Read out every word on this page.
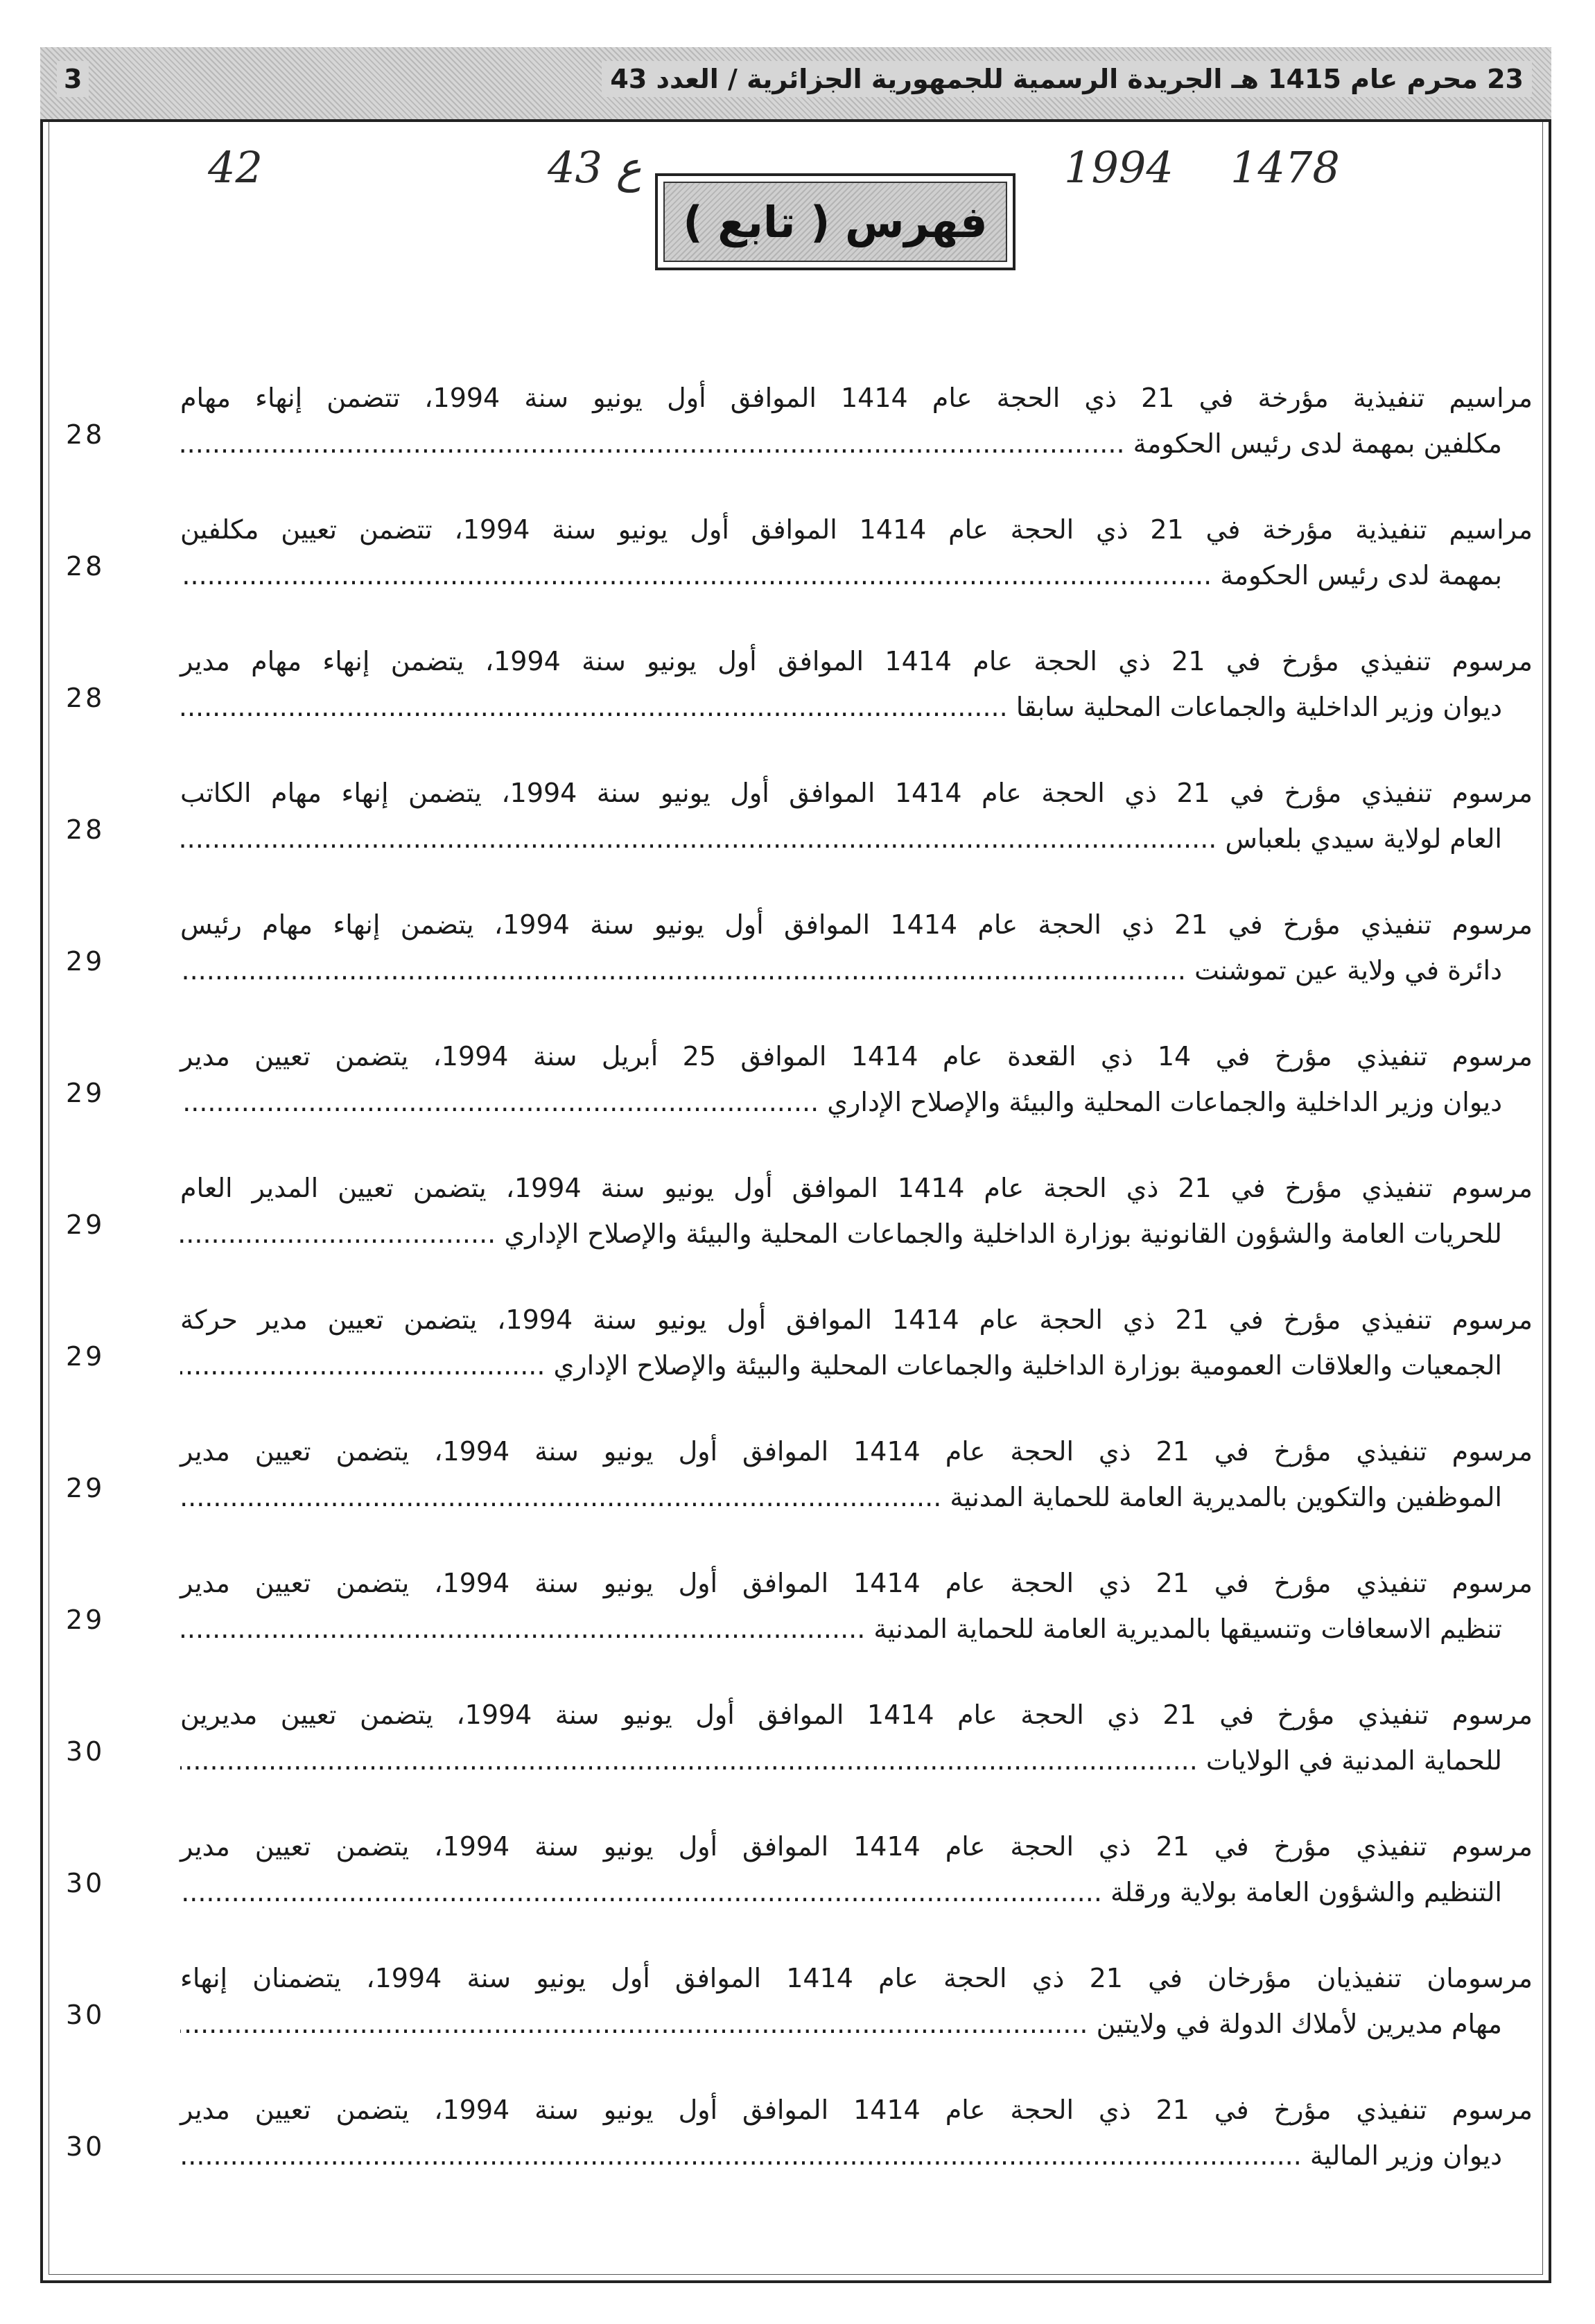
23 محرم عام 1415 هـ الجريدة الرسمية للجمهورية الجزائرية / العدد 43
3
1478
1994
43 ع
42
فهرس ( تابع )
مراسيم تنفيذية مؤرخة في 21 ذي الحجة عام 1414 الموافق أول يونيو سنة 1994، تتضمن إنهاء مهام
مكلفين بمهمة لدى رئيس الحكومة .....
28
مراسيم تنفيذية مؤرخة في 21 ذي الحجة عام 1414 الموافق أول يونيو سنة 1994، تتضمن تعيين مكلفين
بمهمة لدى رئيس الحكومة .....
28
مرسوم تنفيذي مؤرخ في 21 ذي الحجة عام 1414 الموافق أول يونيو سنة 1994، يتضمن إنهاء مهام مدير
ديوان وزير الداخلية والجماعات المحلية سابقا .....
28
مرسوم تنفيذي مؤرخ في 21 ذي الحجة عام 1414 الموافق أول يونيو سنة 1994، يتضمن إنهاء مهام الكاتب
العام لولاية سيدي بلعباس .....
28
مرسوم تنفيذي مؤرخ في 21 ذي الحجة عام 1414 الموافق أول يونيو سنة 1994، يتضمن إنهاء مهام رئيس
دائرة في ولاية عين تموشنت .....
29
مرسوم تنفيذي مؤرخ في 14 ذي القعدة عام 1414 الموافق 25 أبريل سنة 1994، يتضمن تعيين مدير
ديوان وزير الداخلية والجماعات المحلية والبيئة والإصلاح الإداري .....
29
مرسوم تنفيذي مؤرخ في 21 ذي الحجة عام 1414 الموافق أول يونيو سنة 1994، يتضمن تعيين المدير العام
للحريات العامة والشؤون القانونية بوزارة الداخلية والجماعات المحلية والبيئة والإصلاح الإداري .....
29
مرسوم تنفيذي مؤرخ في 21 ذي الحجة عام 1414 الموافق أول يونيو سنة 1994، يتضمن تعيين مدير حركة
الجمعيات والعلاقات العمومية بوزارة الداخلية والجماعات المحلية والبيئة والإصلاح الإداري .....
29
مرسوم تنفيذي مؤرخ في 21 ذي الحجة عام 1414 الموافق أول يونيو سنة 1994، يتضمن تعيين مدير
الموظفين والتكوين بالمديرية العامة للحماية المدنية .....
29
مرسوم تنفيذي مؤرخ في 21 ذي الحجة عام 1414 الموافق أول يونيو سنة 1994، يتضمن تعيين مدير
تنظيم الاسعافات وتنسيقها بالمديرية العامة للحماية المدنية .....
29
مرسوم تنفيذي مؤرخ في 21 ذي الحجة عام 1414 الموافق أول يونيو سنة 1994، يتضمن تعيين مديرين
للحماية المدنية في الولايات .....
30
مرسوم تنفيذي مؤرخ في 21 ذي الحجة عام 1414 الموافق أول يونيو سنة 1994، يتضمن تعيين مدير
التنظيم والشؤون العامة بولاية ورقلة .....
30
مرسومان تنفيذيان مؤرخان في 21 ذي الحجة عام 1414 الموافق أول يونيو سنة 1994، يتضمنان إنهاء
مهام مديرين لأملاك الدولة في ولايتين .....
30
مرسوم تنفيذي مؤرخ في 21 ذي الحجة عام 1414 الموافق أول يونيو سنة 1994، يتضمن تعيين مدير
ديوان وزير المالية .....
30
